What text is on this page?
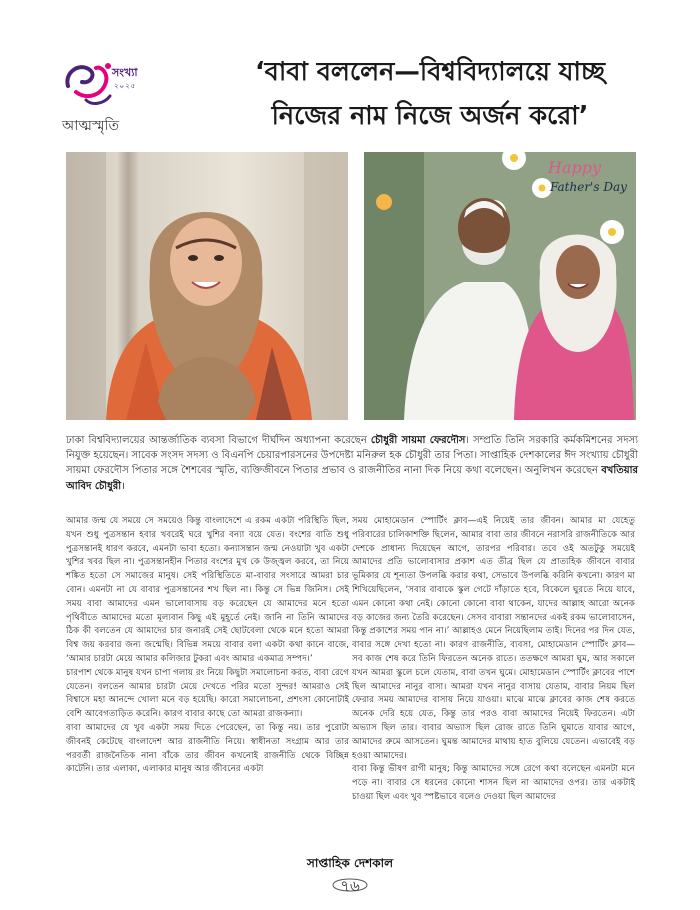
সংখ্যা
২০২৫
আত্মস্মৃতি
‘বাবা বললেন—বিশ্ববিদ্যালয়ে যাচ্ছ
নিজের নাম নিজে অর্জন করো’
Happy
Father's Day

ঢাকা বিশ্ববিদ্যালয়ের আন্তর্জাতিক ব্যবসা বিভাগে দীর্ঘদিন অধ্যাপনা করেছেন চৌধুরী সায়মা ফেরদৌস। সম্প্রতি তিনি সরকারি কর্মকমিশনের সদস্য নিযুক্ত হয়েছেন। সাবেক সংসদ সদস্য ও বিএনপি চেয়ারপারসনের উপদেষ্টা মনিরুল হক চৌধুরী তার পিতা। সাপ্তাহিক দেশকালের ঈদ সংখ্যায় চৌধুরী সায়মা ফেরদৌস পিতার সঙ্গে শৈশবের স্মৃতি, ব্যক্তিজীবনে পিতার প্রভাব ও রাজনীতির নানা দিক নিয়ে কথা বলেছেন। অনুলিখন করেছেন বখতিয়ার আবিদ চৌধুরী।

আমার জন্ম যে সময়ে সে সময়েও কিন্তু বাংলাদেশে এ রকম একটা পরিস্থিতি ছিল, যখন শুধু পুত্রসন্তান হবার খবরেই ঘরে খুশির বন্যা বয়ে যেত। বংশের বাতি শুধু পুত্রসন্তানই ধারণ করবে, এমনটা ভাবা হতো। কন্যাসন্তান জন্ম নেওয়াটা খুব একটা খুশির খবর ছিল না। পুত্রসন্তানহীন পিতার বংশের মুখ কে উজ্জ্বল করবে, তা নিয়ে শঙ্কিত হতো সে সমাজের মানুষ। সেই পরিস্থিতিতে মা-বাবার সংসারে আমরা চার বোন। এমনটা না যে বাবার পুত্রসন্তানের শখ ছিল না। কিন্তু সে ভিন্ন জিনিস। সেই সময় বাবা আমাদের এমন ভালোবাসায় বড় করেছেন যে আমাদের মনে হতো পৃথিবীতে আমাদের মতো মূল্যবান কিছু এই মুহূর্তে নেই। জানি না তিনি আমাদের ঠিক কী বলতেন যে আমাদের চার জনারই সেই ছোটবেলা থেকে মনে হতো আমরা বিশ্ব জয় করবার জন্য জন্মেছি। বিভিন্ন সময়ে বাবার বলা একটা কথা কানে বাজে, ‘আমার চারটা মেয়ে আমার কলিজার টুকরা এবং আমার একমাত্র সম্পদ।’

চারপাশ থেকে মানুষ যখন চাপা গলায় রং নিয়ে কিছুটা সমালোচনা করত, বাবা রেগে যেতেন। বলতেন আমার চারটা মেয়ে দেখতে পরির মতো সুন্দর! আমরাও সেই বিশ্বাসে মহা আনন্দে খোলা মনে বড় হয়েছি। কারো সমালোচনা, প্রশংসা কোনোটাই বেশি আবেগতাড়িত করেনি। কারণ বাবার কাছে তো আমরা রাজকন্যা।

বাবা আমাদের যে খুব একটা সময় দিতে পেরেছেন, তা কিন্তু নয়। তার পুরোটা জীবনই কেটেছে বাংলাদেশ আর রাজনীতি নিয়ে। স্বাধীনতা সংগ্রাম আর তার পরবর্তী রাজনৈতিক নানা বাঁকে তার জীবন কখনোই রাজনীতি থেকে বিচ্ছিন্ন কাটেনি। তার এলাকা, এলাকার মানুষ আর জীবনের একটা

সময় মোহামেডান স্পোর্টিং ক্লাব—এই নিয়েই তার জীবন। আমার মা যেহেতু পরিবারের চালিকাশক্তি ছিলেন, আমার বাবা তার জীবনে নরাসরি রাজনীতিকে আর দেশকে প্রাধান্য দিয়েছেন আগে, তারপর পরিবার। তবে ওই অতটুকু সময়েই আমাদের প্রতি ভালোবাসার প্রকাশ এত তীব্র ছিল যে প্রাত্যহিক জীবনে বাবার ভূমিকার যে শূন্যতা উপলব্ধি করার কথা, সেভাবে উপলব্ধি করিনি কখনো। কারণ মা শিখিয়েছিলেন, ‘সবার বাবাকে স্কুল গেটে দাঁড়াতে হবে, বিকেলে ঘুরতে নিয়ে যাবে, এমন কোনো কথা নেই। কোনো কোনো বাবা থাকেন, যাদের আল্লাহ আরো অনেক বড় কাজের জন্য তৈরি করেছেন। সেসব বাবারা সন্তানদের একই রকম ভালোবাসেন, কিন্তু প্রকাশের সময় পান না।’ আল্লাহও মেনে নিয়েছিলাম তাই। দিনের পর দিন যেত, বাবার সঙ্গে দেখা হতো না। কারণ রাজনীতি, ব্যবসা, মোহামেডান স্পোর্টিং ক্লাব—সব কাজ শেষ করে তিনি ফিরতেন অনেক রাতে। ততক্ষণে আমরা ঘুম, আর সকালে যখন আমরা স্কুলে চলে যেতাম, বাবা তখন ঘুমে। মোহামেডান স্পোর্টিং ক্লাবের পাশে ছিল আমাদের নানুর বাসা। আমরা যখন নানুর বাসায় যেতাম, বাবার নিয়ম ছিল ফেরার সময় আমাদের বাসায় নিয়ে যাওয়া। মাঝে মাঝে ক্লাবের কাজ শেষ করতে অনেক দেরি হয়ে যেত, কিন্তু তার পরও বাবা আমাদের নিয়েই ফিরতেন। এটা অভ্যাস ছিল তার। বাবার অভ্যাস ছিল রোজ রাতে তিনি ঘুমাতে যাবার আগে, আমাদের রুমে আসতেন। ঘুমন্ত আমাদের মাথায় হাত বুলিয়ে যেতেন। এভাবেই বড় হওয়া আমাদের।

বাবা কিন্তু ভীষণ রাগী মানুষ; কিন্তু আমাদের সঙ্গে রেগে কথা বলেছেন এমনটা মনে পড়ে না। বাবার সে ধরনের কোনো শাসন ছিল না আমাদের ওপর। তার একটাই চাওয়া ছিল এবং খুব স্পষ্টভাবে বলেও দেওয়া ছিল আমাদের

সাপ্তাহিক দেশকাল
৭৬
